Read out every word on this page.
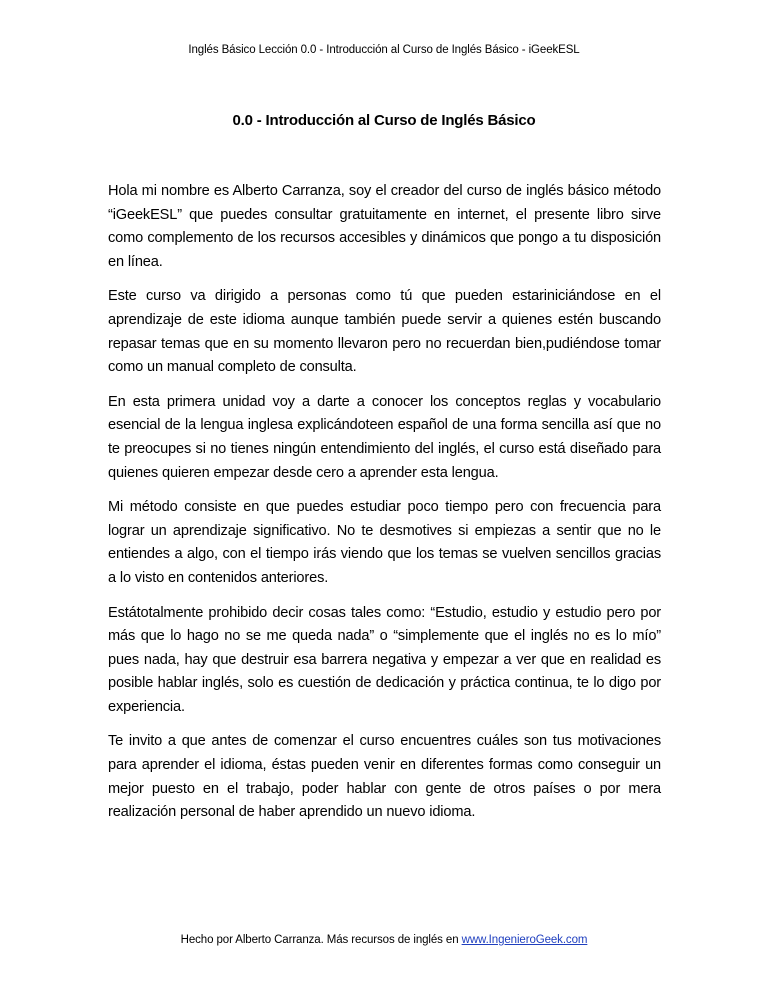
Inglés Básico Lección 0.0 - Introducción al Curso de Inglés Básico - iGeekESL
0.0 - Introducción al Curso de Inglés Básico

Hola mi nombre es Alberto Carranza, soy el creador del curso de inglés básico método “iGeekESL” que puedes consultar gratuitamente en internet, el presente libro sirve como complemento de los recursos accesibles y dinámicos que pongo a tu disposición en línea.

Este curso va dirigido a personas como tú que pueden estariniciándose en el aprendizaje de este idioma aunque también puede servir a quienes estén buscando repasar temas que en su momento llevaron pero no recuerdan bien,pudiéndose tomar como un manual completo de consulta.

En esta primera unidad voy a darte a conocer los conceptos reglas y vocabulario esencial de la lengua inglesa explicándoteen español de una forma sencilla así que no te preocupes si no tienes ningún entendimiento del inglés, el curso está diseñado para quienes quieren empezar desde cero a aprender esta lengua.

Mi método consiste en que puedes estudiar poco tiempo pero con frecuencia para lograr un aprendizaje significativo. No te desmotives si empiezas a sentir que no le entiendes a algo, con el tiempo irás viendo que los temas se vuelven sencillos gracias a lo visto en contenidos anteriores.

Estátotalmente prohibido decir cosas tales como: “Estudio, estudio y estudio pero por más que lo hago no se me queda nada” o “simplemente que el inglés no es lo mío” pues nada, hay que destruir esa barrera negativa y empezar a ver que en realidad es posible hablar inglés, solo es cuestión de dedicación y práctica continua, te lo digo por experiencia.

Te invito a que antes de comenzar el curso encuentres cuáles son tus motivaciones para aprender el idioma, éstas pueden venir en diferentes formas como conseguir un mejor puesto en el trabajo, poder hablar con gente de otros países o por mera realización personal de haber aprendido un nuevo idioma.

Hecho por Alberto Carranza. Más recursos de inglés en www.IngenieroGeek.com
